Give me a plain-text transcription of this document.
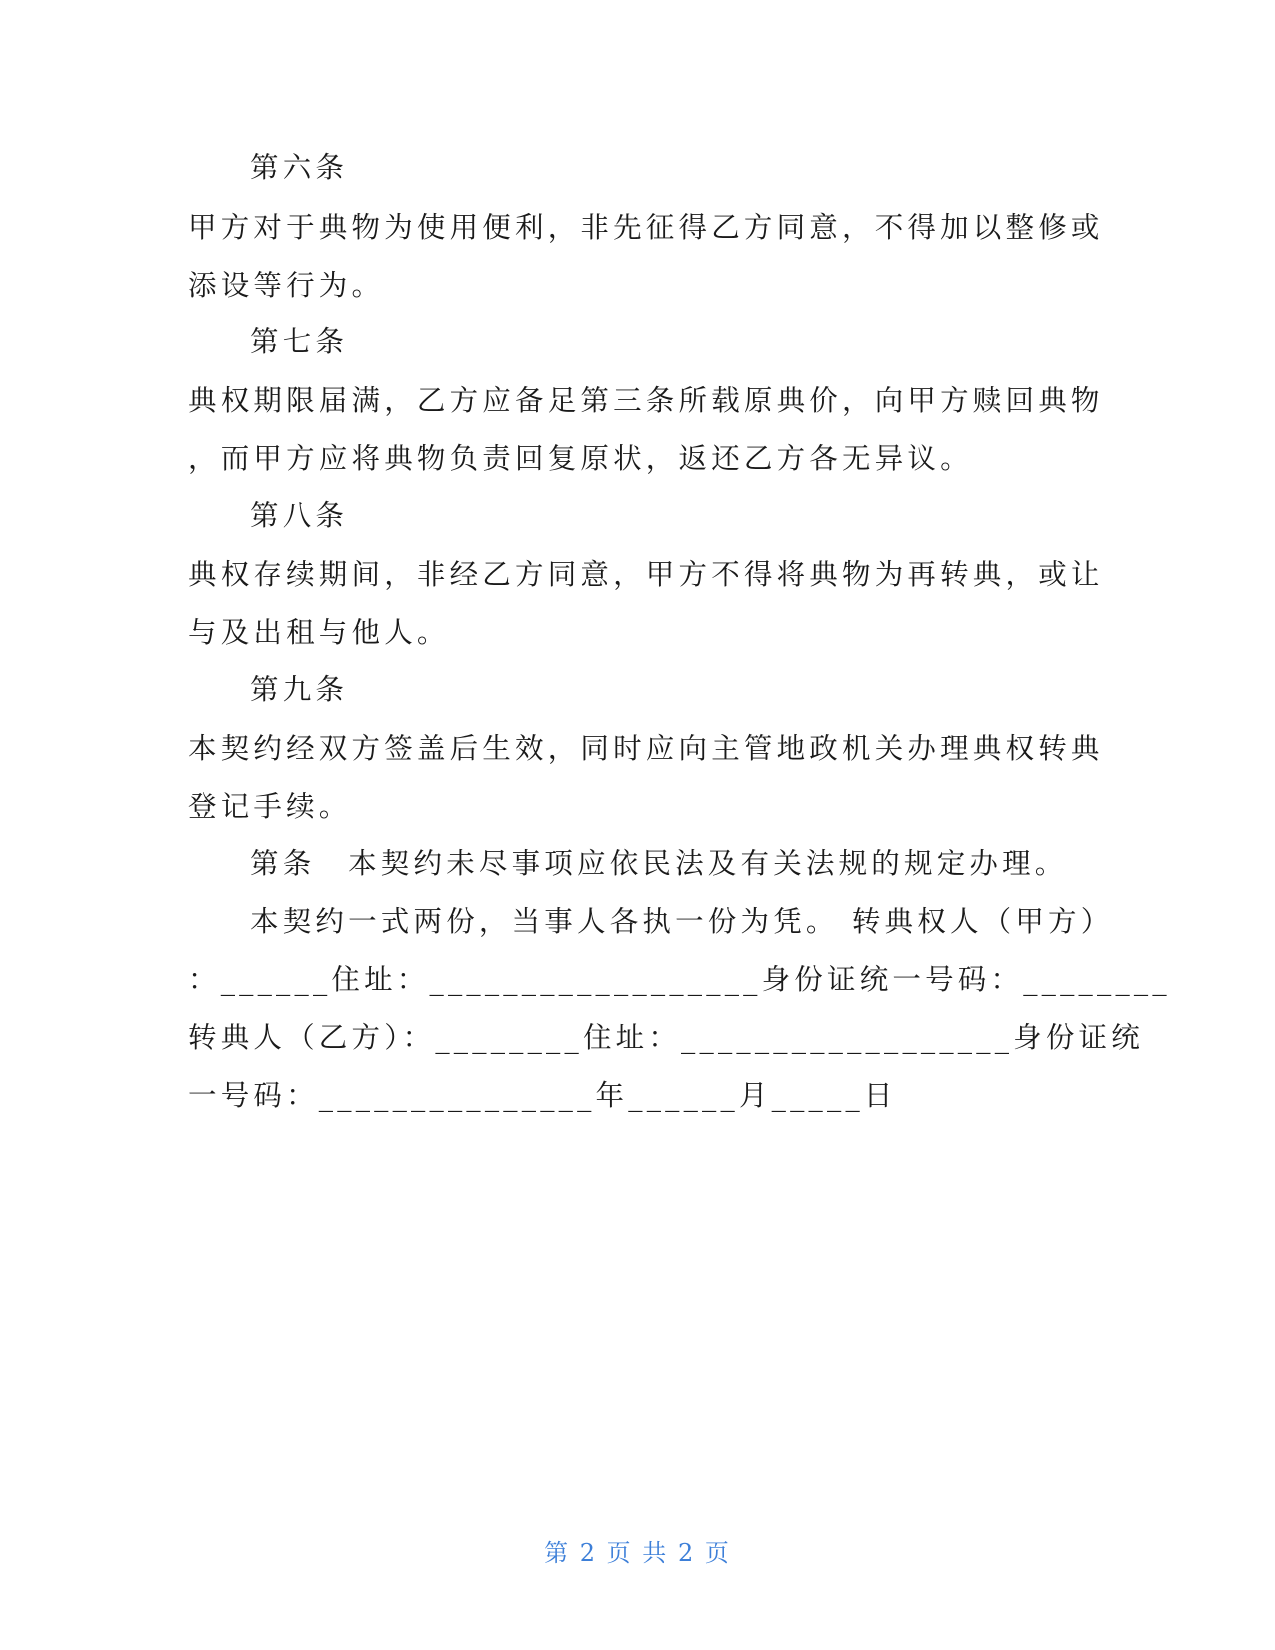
第六条
甲方对于典物为使用便利，非先征得乙方同意，不得加以整修或
添设等行为。
第七条
典权期限届满，乙方应备足第三条所载原典价，向甲方赎回典物
，而甲方应将典物负责回复原状，返还乙方各无异议。
第八条
典权存续期间，非经乙方同意，甲方不得将典物为再转典，或让
与及出租与他人。
第九条
本契约经双方签盖后生效，同时应向主管地政机关办理典权转典
登记手续。
第条　本契约未尽事项应依民法及有关法规的规定办理。
本契约一式两份，当事人各执一份为凭。 转典权人（甲方）
：______住址：__________________身份证统一号码：________
转典人（乙方）：________住址：__________________身份证统
一号码：_______________年______月_____日
第 2 页 共 2 页
